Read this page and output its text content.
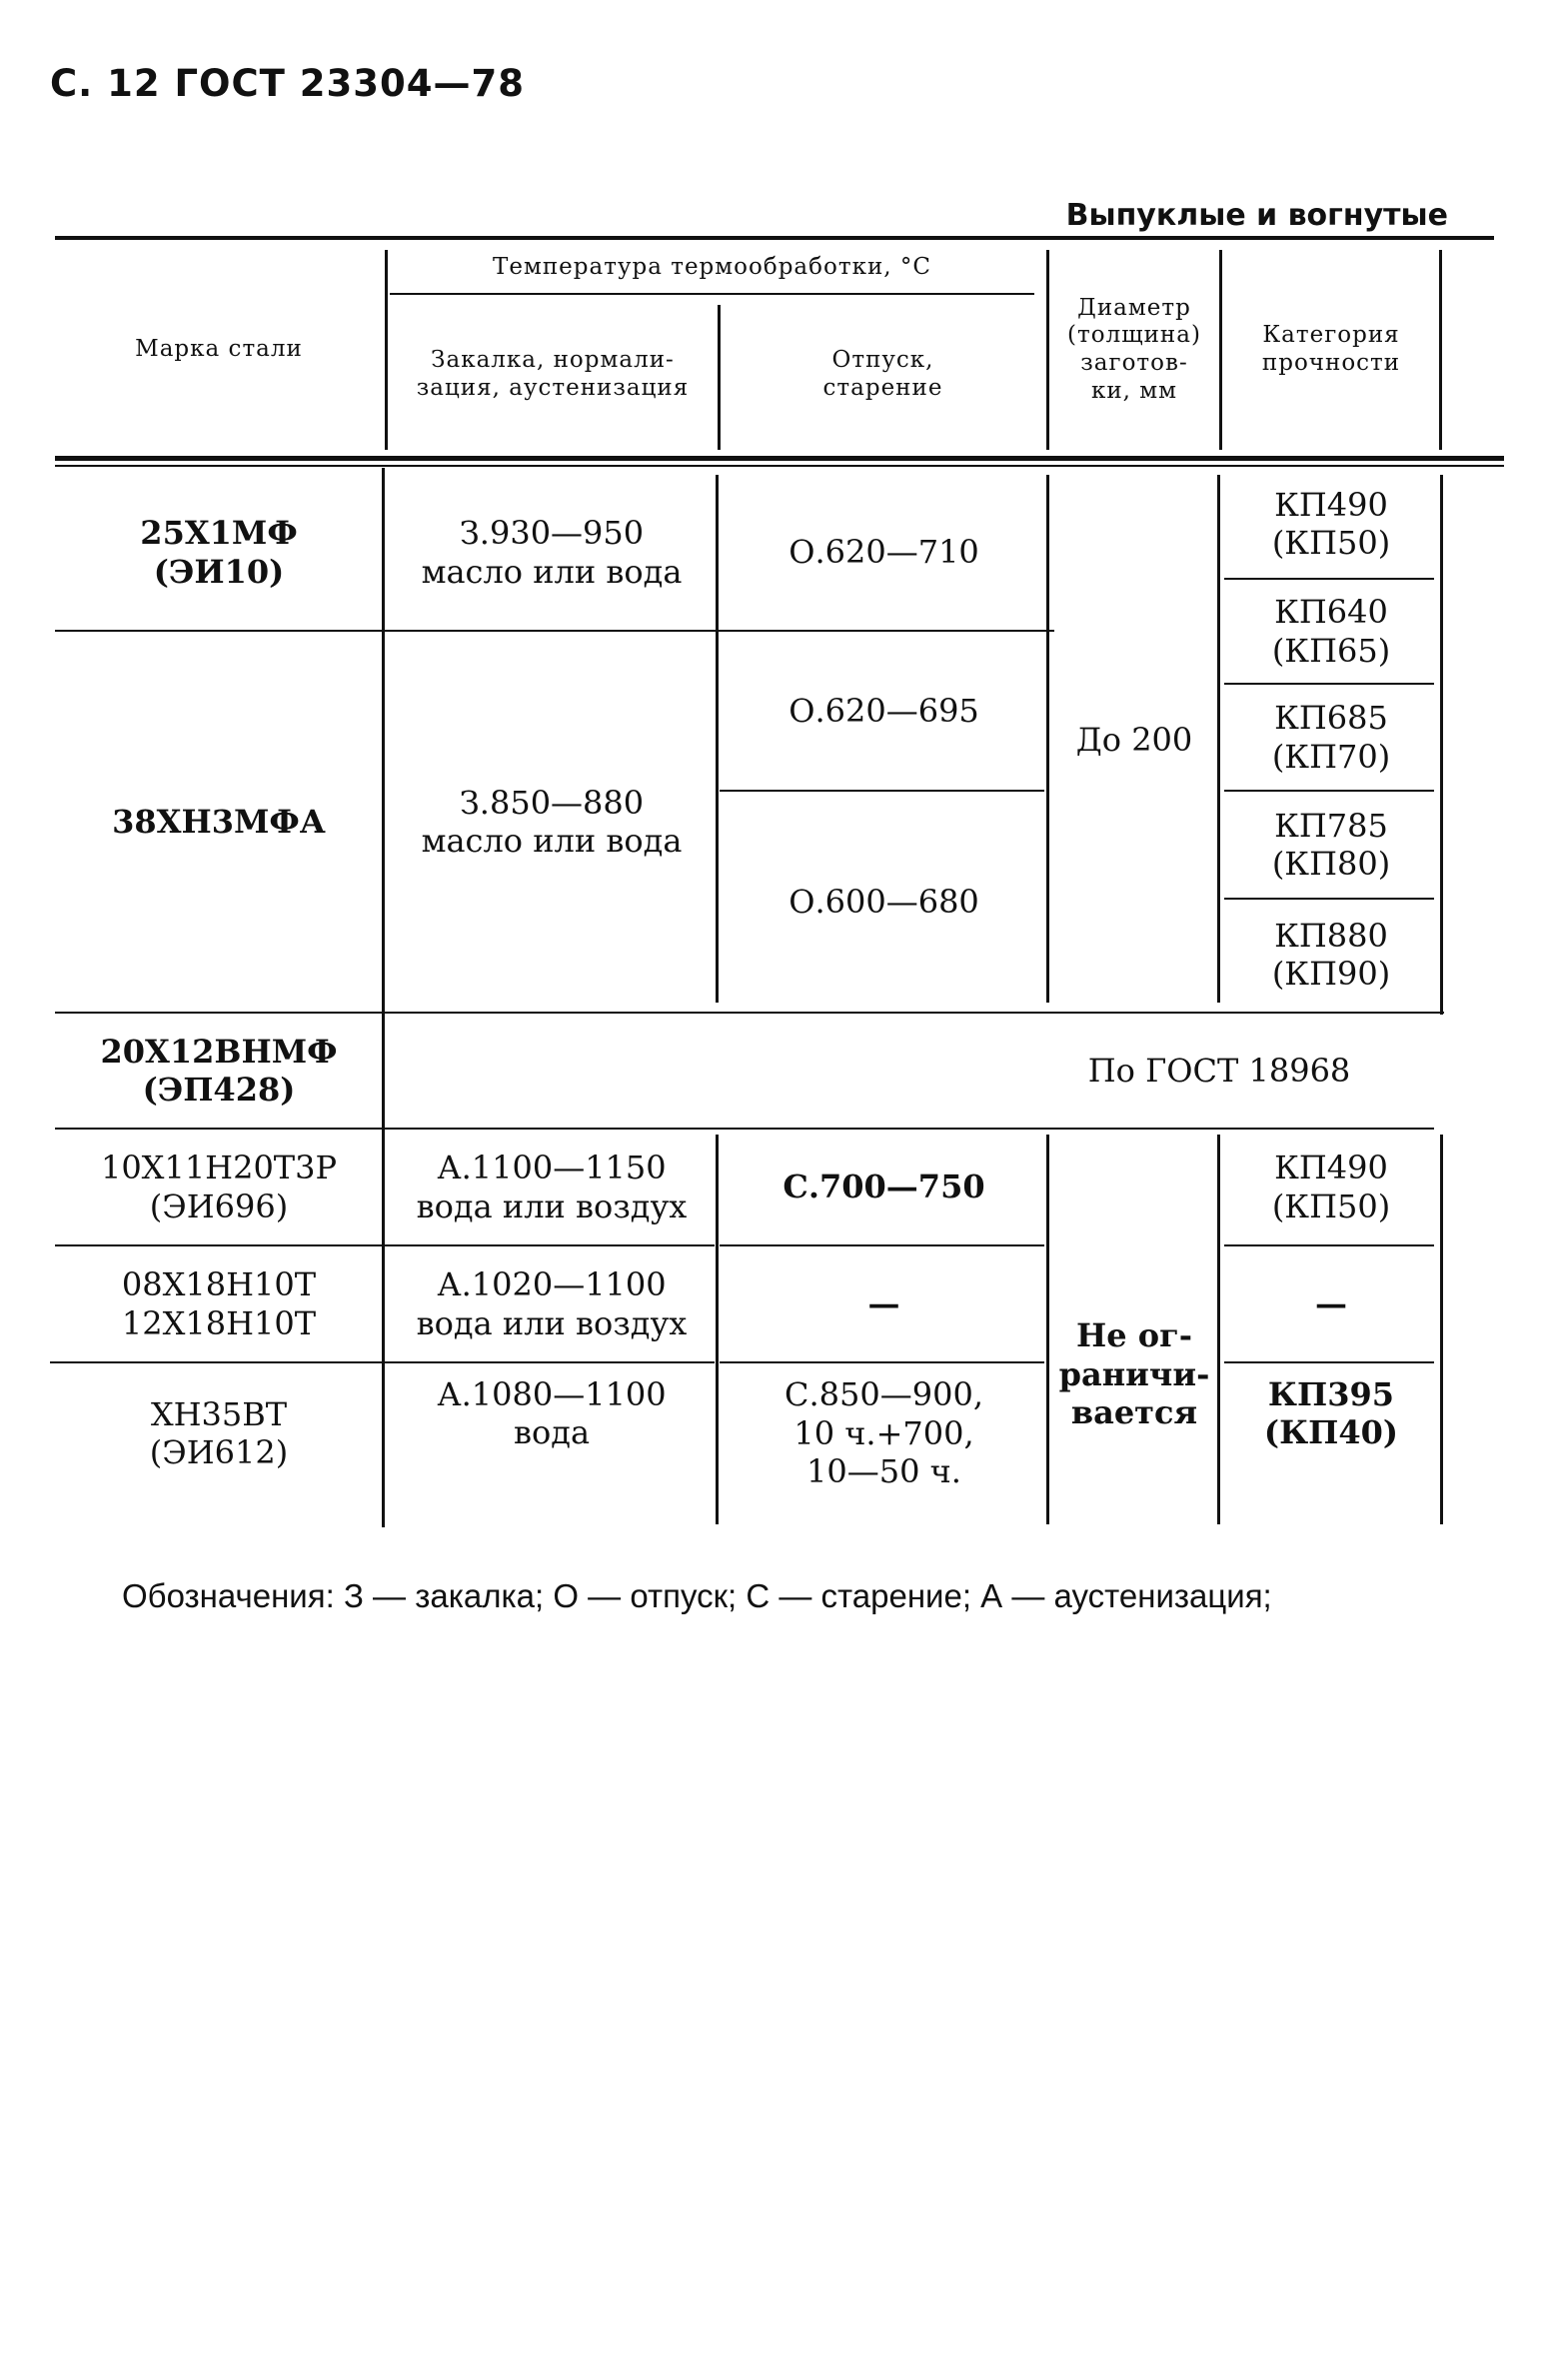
С. 12 ГОСТ 23304—78
Выпуклые и вогнутые
Марка стали
Температура термообработки, °С
Закалка, нормали-
зация, аустенизация
Отпуск,
старение
Диаметр
(толщина)
заготов-
ки, мм
Категория
прочности
25Х1МФ
(ЭИ10)
38ХН3МФА
20Х12ВНМФ
(ЭП428)
10Х11Н20Т3Р
(ЭИ696)
08Х18Н10Т
12Х18Н10Т
ХН35ВТ
(ЭИ612)
З.930—950
масло или вода
З.850—880
масло или вода
А.1100—1150
вода или воздух
А.1020—1100
вода или воздух
А.1080—1100
вода
О.620—710
О.620—695
О.600—680
С.700—750
—
С.850—900,
10 ч.+700,
10—50 ч.
До 200
Не ог-
раничи-
вается
КП490
(КП50)
КП640
(КП65)
КП685
(КП70)
КП785
(КП80)
КП880
(КП90)
КП490
(КП50)
—
КП395
(КП40)
По ГОСТ 18968
Обозначения: З — закалка; О — отпуск; С — старение; А — аустенизация;
